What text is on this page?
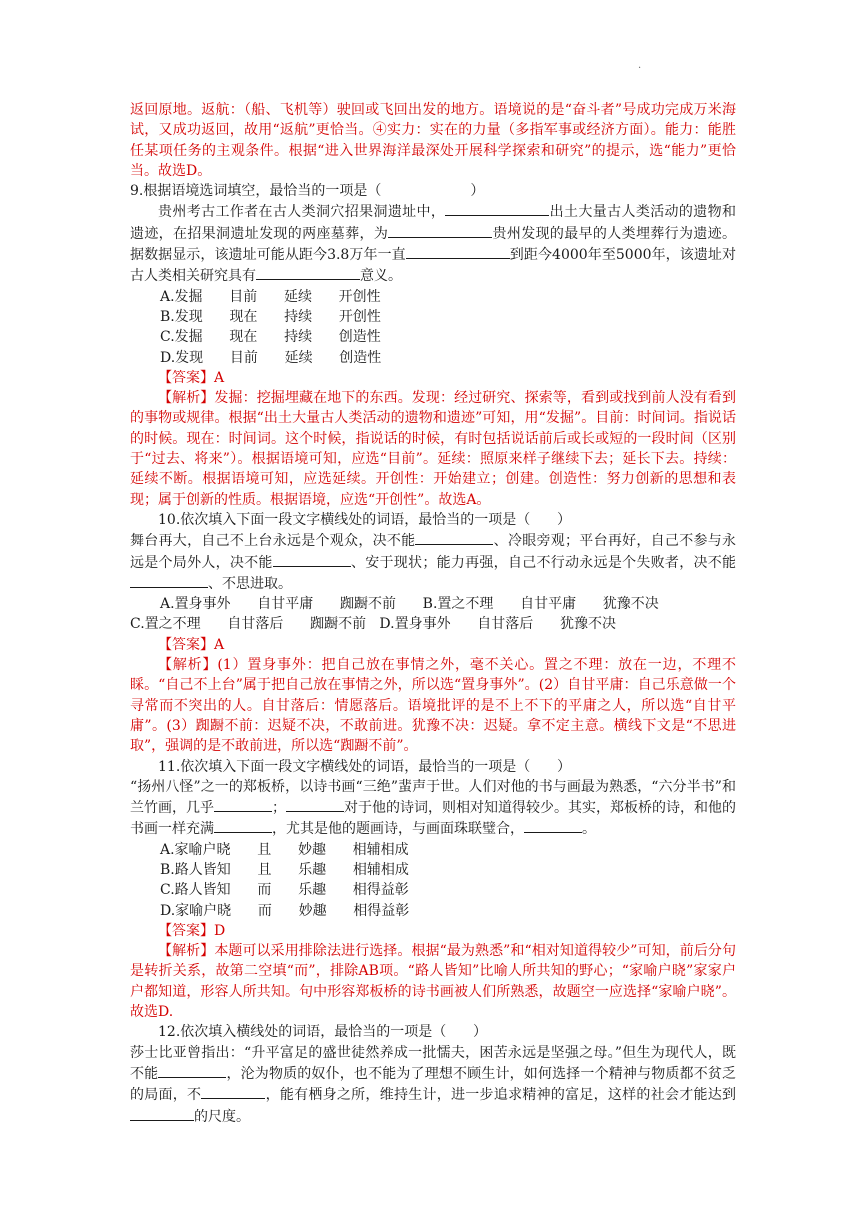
.

返回原地。返航：（船、飞机等）驶回或飞回出发的地方。语境说的是“奋斗者”号成功完成万米海试，又成功返回，故用“返航”更恰当。④实力：实在的力量（多指军事或经济方面）。能力：能胜任某项任务的主观条件。根据“进入世界海洋最深处开展科学探索和研究”的提示，选“能力”更恰当。故选D。

9.根据语境选词填空，最恰当的一项是（                    ）

贵州考古工作者在古人类洞穴招果洞遗址中，	出土大量古人类活动的遗物和遗迹，在招果洞遗址发现的两座墓葬，为	贵州发现的最早的人类埋葬行为遗迹。据数据显示，该遗址可能从距今3.8万年一直	到距今4000年至5000年，该遗址对古人类相关研究具有	意义。

A.发掘      目前      延续      开创性

B.发现      现在      持续      开创性

C.发掘      现在      持续      创造性

D.发现      目前      延续      创造性

【答案】A

【解析】发掘：挖掘埋藏在地下的东西。发现：经过研究、探索等，看到或找到前人没有看到的事物或规律。根据“出土大量古人类活动的遗物和遗迹”可知，用“发掘”。目前：时间词。指说话的时候。现在：时间词。这个时候，指说话的时候，有时包括说话前后或长或短的一段时间（区别于“过去、将来”）。根据语境可知，应选“目前”。延续：照原来样子继续下去；延长下去。持续：延续不断。根据语境可知，应选延续。开创性：开始建立；创建。创造性：努力创新的思想和表现；属于创新的性质。根据语境，应选“开创性”。故选A。

10.依次填入下面一段文字横线处的词语，最恰当的一项是（      ）

舞台再大，自己不上台永远是个观众，决不能	、冷眼旁观；平台再好，自己不参与永远是个局外人，决不能	、安于现状；能力再强，自己不行动永远是个失败者，决不能、不思进取。

A.置身事外      自甘平庸      踟蹰不前      B.置之不理      自甘平庸      犹豫不决

C.置之不理      自甘落后      踟蹰不前   D.置身事外      自甘落后      犹豫不决

【答案】A

【解析】(1）置身事外：把自己放在事情之外，毫不关心。置之不理：放在一边，不理不睬。“自己不上台”属于把自己放在事情之外，所以选“置身事外”。(2）自甘平庸：自己乐意做一个寻常而不突出的人。自甘落后：情愿落后。语境批评的是不上不下的平庸之人，所以选“自甘平庸”。(3）踟蹰不前：迟疑不决，不敢前进。犹豫不决：迟疑。拿不定主意。横线下文是“不思进取”，强调的是不敢前进，所以选“踟蹰不前”。

11.依次填入下面一段文字横线处的词语，最恰当的一项是（      ）

“扬州八怪”之一的郑板桥，以诗书画“三绝”蜚声于世。人们对他的书与画最为熟悉，“六分半书”和兰竹画，几乎	；	对于他的诗词，则相对知道得较少。其实，郑板桥的诗，和他的书画一样充满	，尤其是他的题画诗，与画面珠联璧合，	。

A.家喻户晓      且      妙趣      相辅相成

B.路人皆知      且      乐趣      相辅相成

C.路人皆知      而      乐趣      相得益彰

D.家喻户晓      而      妙趣      相得益彰

【答案】D

【解析】本题可以采用排除法进行选择。根据“最为熟悉”和“相对知道得较少”可知，前后分句是转折关系，故第二空填“而”，排除AB项。“路人皆知”比喻人所共知的野心；“家喻户晓”家家户户都知道，形容人所共知。句中形容郑板桥的诗书画被人们所熟悉，故题空一应选择“家喻户晓”。故选D.

12.依次填入横线处的词语，最恰当的一项是（      ）

莎士比亚曾指出：“升平富足的盛世徒然养成一批懦夫，困苦永远是坚强之母。”但生为现代人，既不能	，沦为物质的奴仆，也不能为了理想不顾生计，如何选择一个精神与物质都不贫乏的局面，不	，能有栖身之所，维持生计，进一步追求精神的富足，这样的社会才能达到的尺度。
